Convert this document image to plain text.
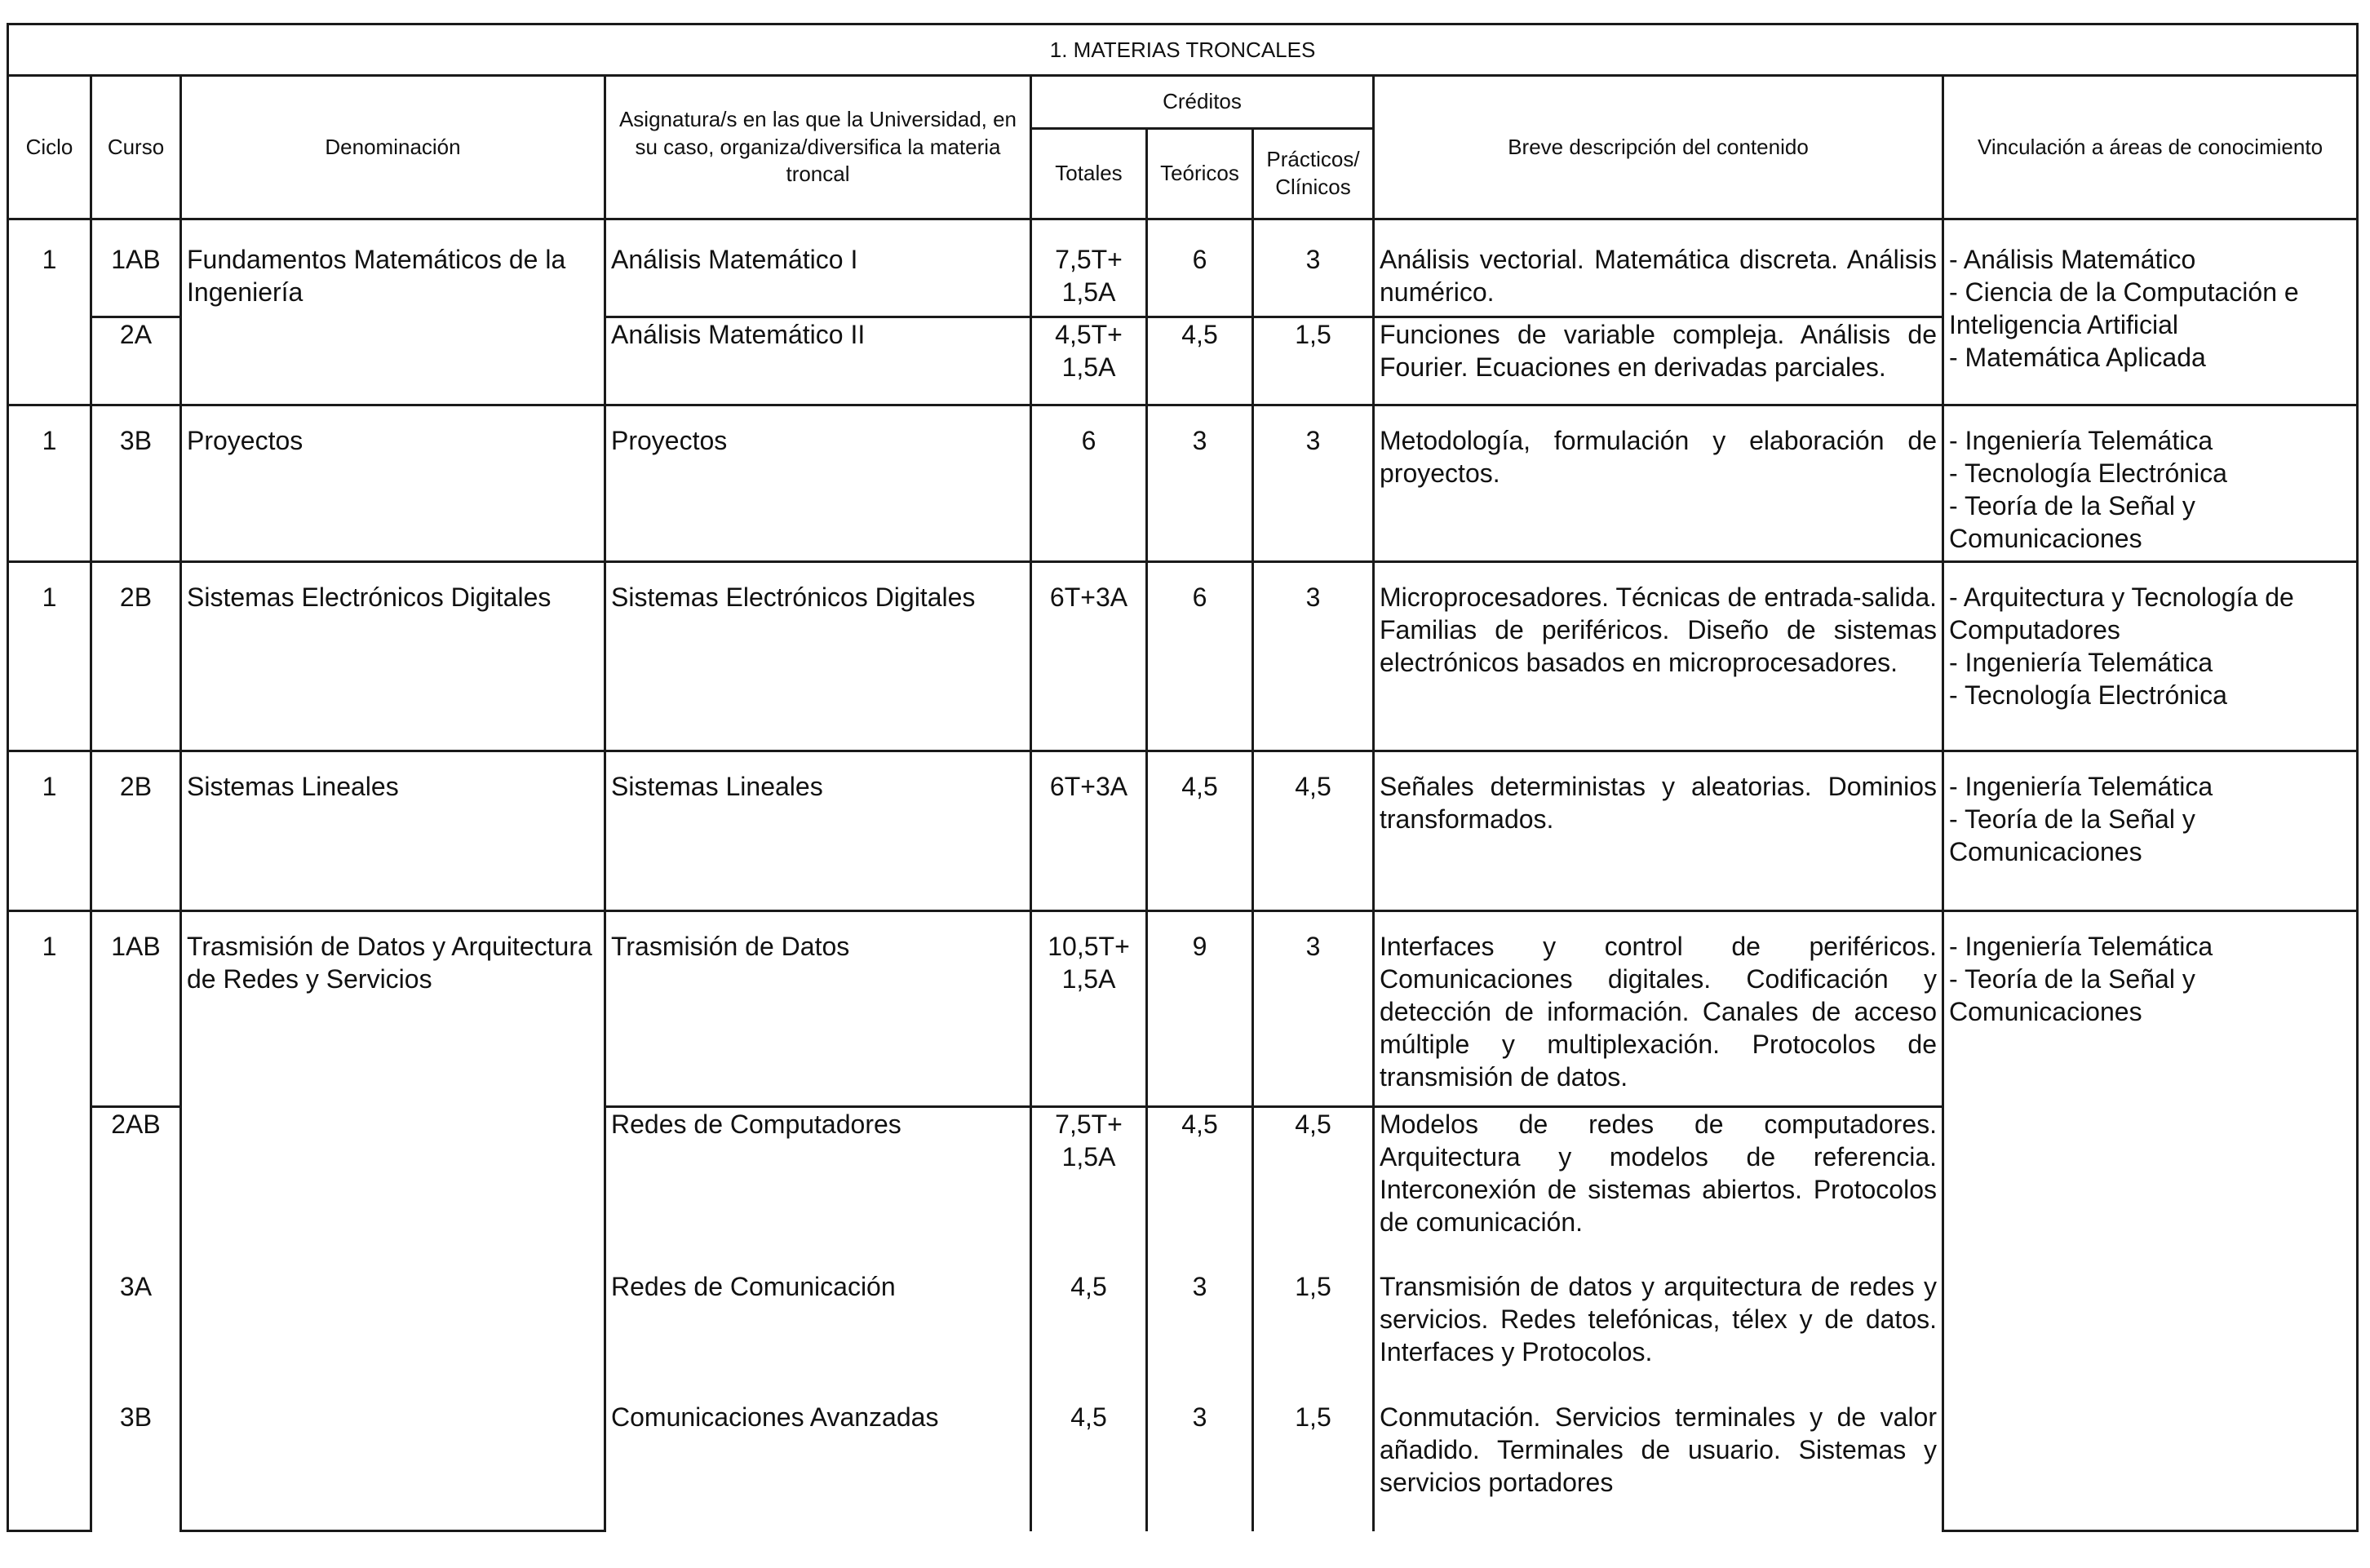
1. MATERIAS TRONCALES								
Ciclo	Curso	Denominación	Asignatura/s en las que la Universidad, en su caso, organiza/diversifica la materia troncal	Créditos			Breve descripción del contenido	Vinculación a áreas de conocimiento
				Totales	Teóricos	Prácticos/ Clínicos		
1	1AB	Fundamentos Matemáticos de la Ingeniería	Análisis Matemático I	7,5T+ 1,5A	6	3	Análisis vectorial. Matemática discreta. Análisis numérico.	- Análisis Matemático
- Ciencia de la Computación e Inteligencia Artificial
- Matemática Aplicada

	2A		Análisis Matemático II	4,5T+ 1,5A	4,5	1,5	Funciones de variable compleja. Análisis de Fourier. Ecuaciones en derivadas parciales.	
1	3B	Proyectos	Proyectos	6	3	3	Metodología, formulación y elaboración de proyectos.	- Ingeniería Telemática
- Tecnología Electrónica
- Teoría de la Señal y Comunicaciones

1	2B	Sistemas Electrónicos Digitales	Sistemas Electrónicos Digitales	6T+3A	6	3	Microprocesadores. Técnicas de entrada-salida. Familias de periféricos. Diseño de sistemas electrónicos basados en microprocesadores.	- Arquitectura y Tecnología de Computadores
- Ingeniería Telemática
- Tecnología Electrónica

1	2B	Sistemas Lineales	Sistemas Lineales	6T+3A	4,5	4,5	Señales deterministas y aleatorias. Dominios transformados.	- Ingeniería Telemática
- Teoría de la Señal y Comunicaciones

1	1AB	Trasmisión de Datos y Arquitectura de Redes y Servicios	Trasmisión de Datos	10,5T+ 1,5A	9	3	Interfaces y control de periféricos. Comunicaciones digitales. Codificación y detección de información. Canales de acceso múltiple y multiplexación. Protocolos de transmisión de datos.	- Ingeniería Telemática
- Teoría de la Señal y Comunicaciones

	2AB		Redes de Computadores	7,5T+ 1,5A	4,5	4,5	Modelos de redes de computadores. Arquitectura y modelos de referencia. Interconexión de sistemas abiertos. Protocolos de comunicación.	
	3A		Redes de Comunicación	4,5	3	1,5	Transmisión de datos y arquitectura de redes y servicios. Redes telefónicas, télex y de datos. Interfaces y Protocolos.	
	3B		Comunicaciones Avanzadas	4,5	3	1,5	Conmutación. Servicios terminales y de valor añadido. Terminales de usuario. Sistemas y servicios portadores	
